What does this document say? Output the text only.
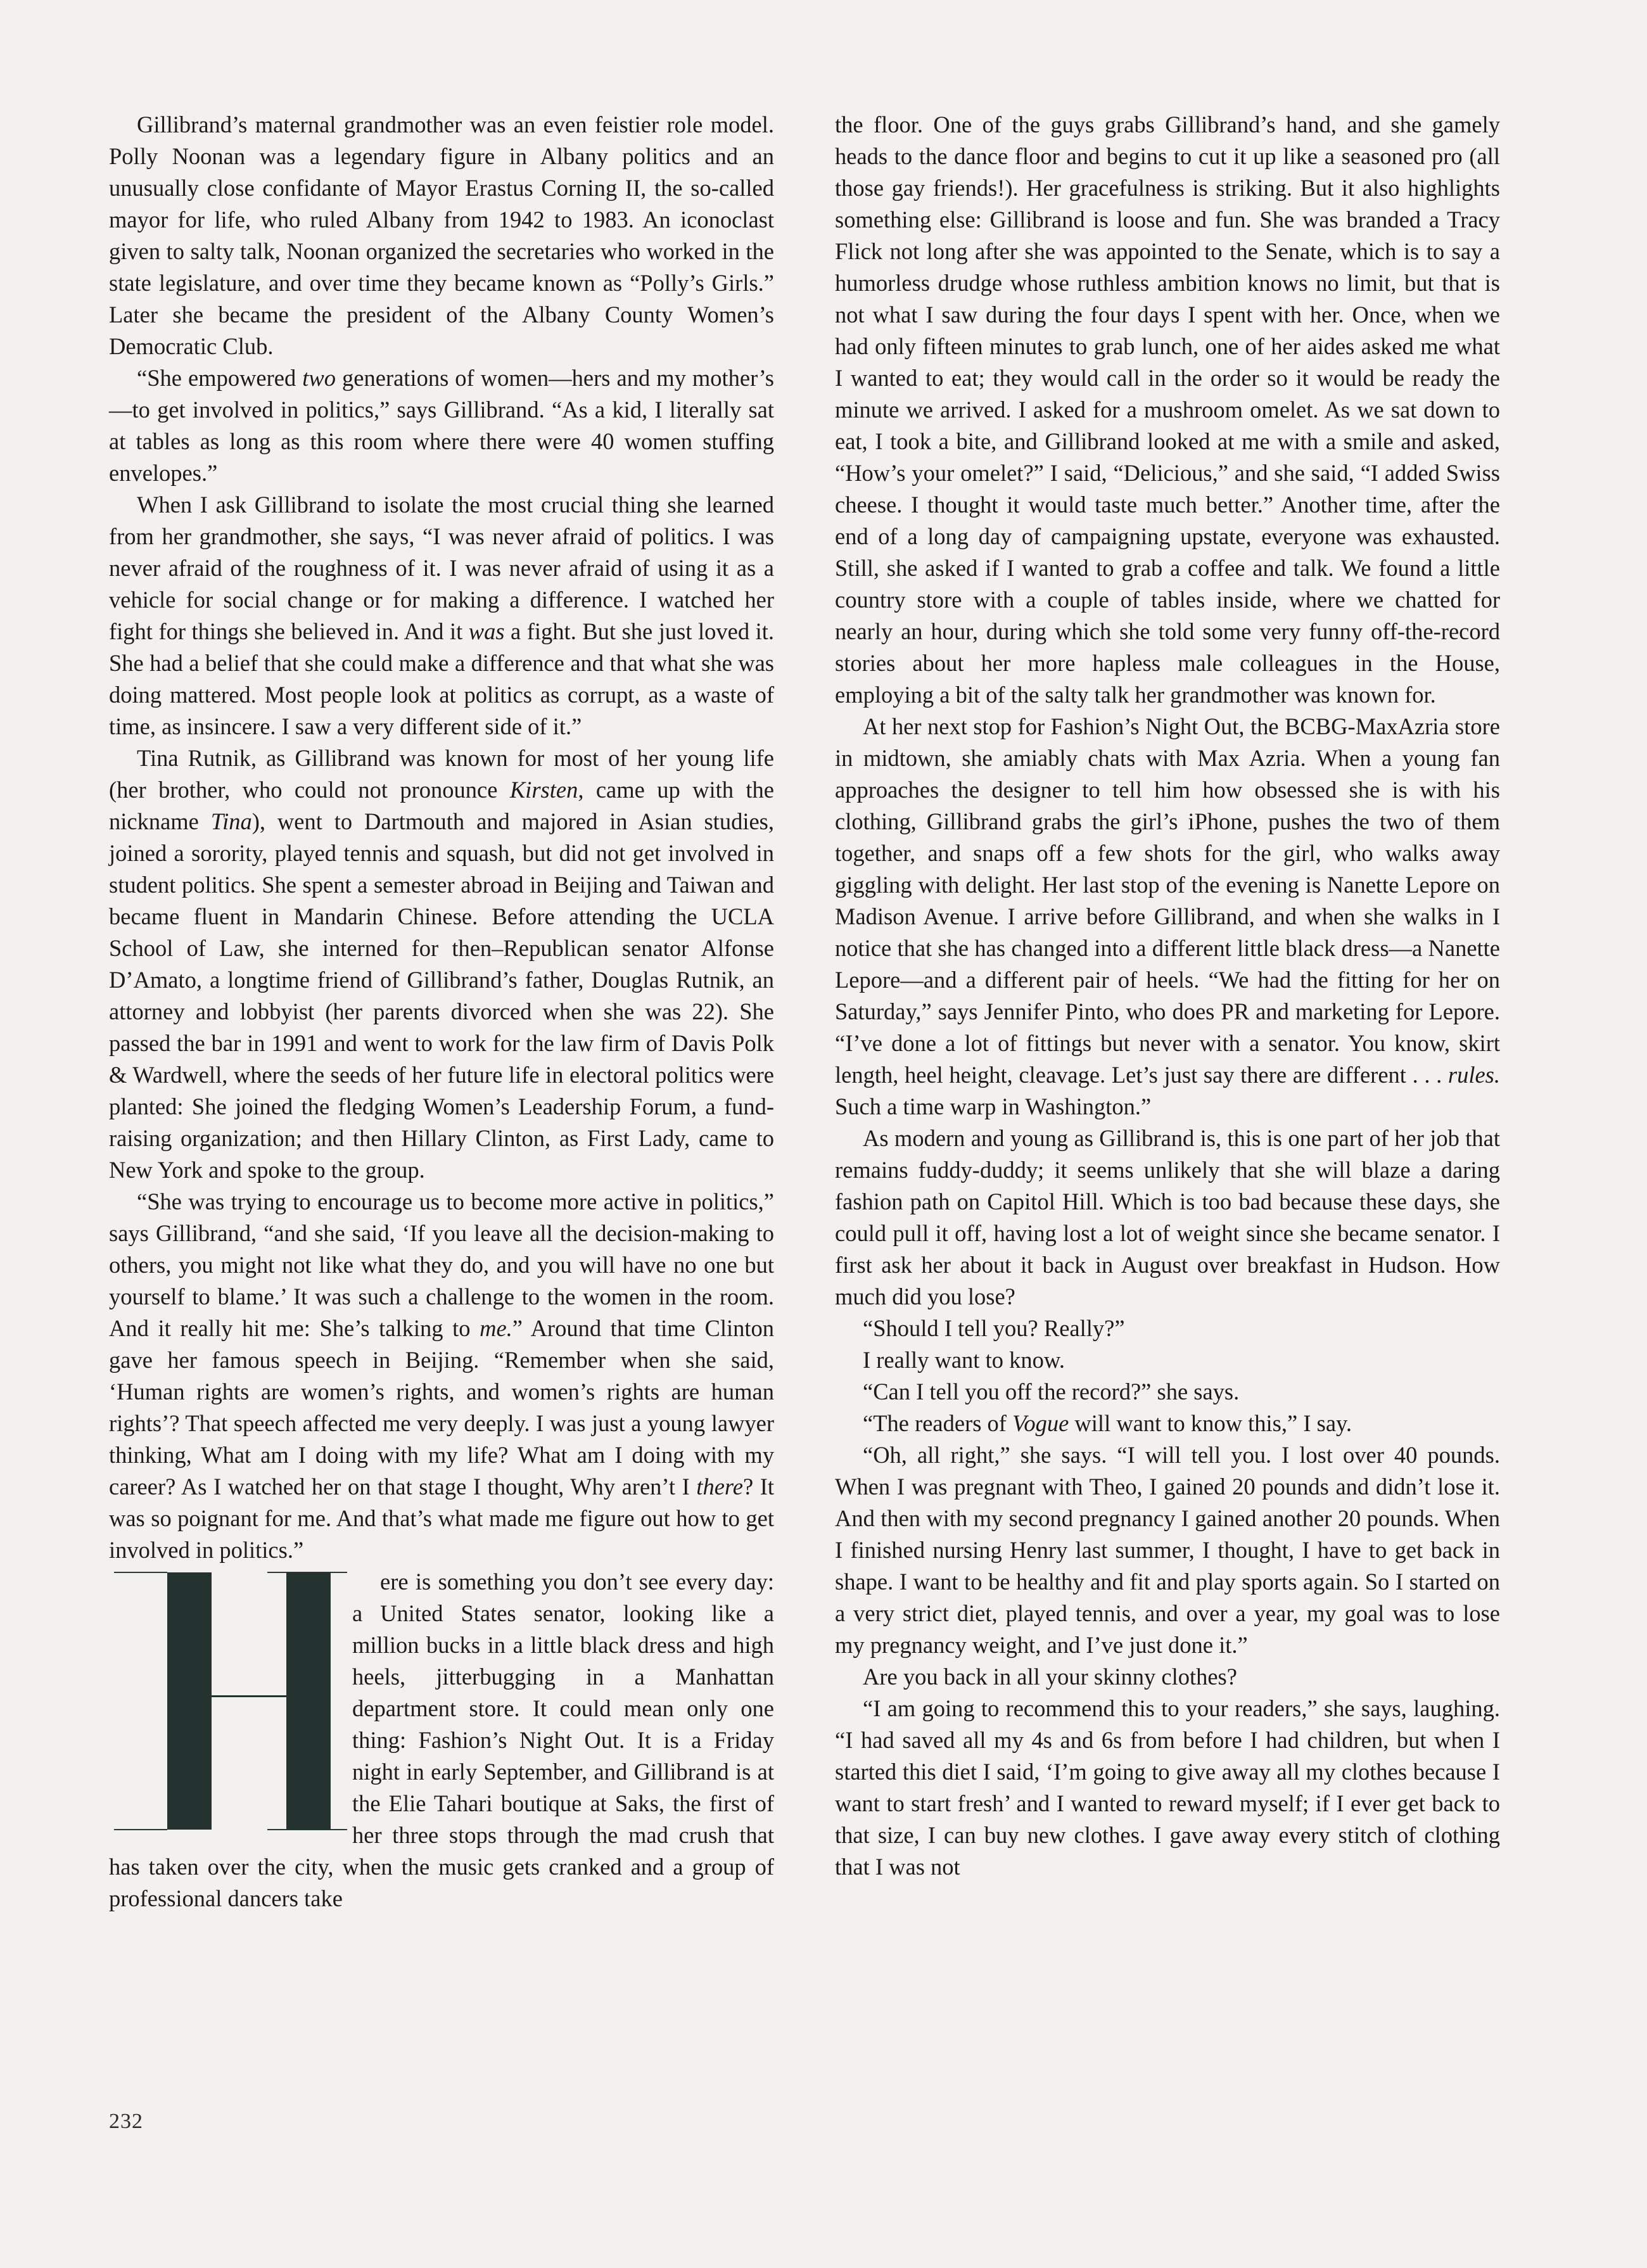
Gillibrand’s maternal grandmother was an even feistier role model. Polly Noonan was a legendary figure in Albany politics and an unusually close confidante of Mayor Erastus Corning II, the so-called mayor for life, who ruled Albany from 1942 to 1983. An iconoclast given to salty talk, Noonan organized the secretaries who worked in the state legislature, and over time they became known as “Polly’s Girls.” Later she became the president of the Albany County Women’s Democratic Club.

“She empowered two generations of women—hers and my mother’s—to get involved in politics,” says Gillibrand. “As a kid, I literally sat at tables as long as this room where there were 40 women stuffing envelopes.”

When I ask Gillibrand to isolate the most crucial thing she learned from her grandmother, she says, “I was never afraid of politics. I was never afraid of the roughness of it. I was never afraid of using it as a vehicle for social change or for making a difference. I watched her fight for things she believed in. And it was a fight. But she just loved it. She had a belief that she could make a difference and that what she was doing mattered. Most people look at politics as corrupt, as a waste of time, as insincere. I saw a very different side of it.”

Tina Rutnik, as Gillibrand was known for most of her young life (her brother, who could not pronounce Kirsten, came up with the nickname Tina), went to Dartmouth and majored in Asian studies, joined a sorority, played tennis and squash, but did not get involved in student politics. She spent a semester abroad in Beijing and Taiwan and became fluent in Mandarin Chinese. Before attending the UCLA School of Law, she interned for then–Republican senator Alfonse D’Amato, a longtime friend of Gillibrand’s father, Douglas Rutnik, an attorney and lobbyist (her parents divorced when she was 22). She passed the bar in 1991 and went to work for the law firm of Davis Polk & Wardwell, where the seeds of her future life in electoral politics were planted: She joined the fledging Women’s Leadership Forum, a fund-raising organization; and then Hillary Clinton, as First Lady, came to New York and spoke to the group.

“She was trying to encourage us to become more active in politics,” says Gillibrand, “and she said, ‘If you leave all the decision-making to others, you might not like what they do, and you will have no one but yourself to blame.’ It was such a challenge to the women in the room. And it really hit me: She’s talking to me.” Around that time Clinton gave her famous speech in Beijing. “Remember when she said, ‘Human rights are women’s rights, and women’s rights are human rights’? That speech affected me very deeply. I was just a young lawyer thinking, What am I doing with my life? What am I doing with my career? As I watched her on that stage I thought, Why aren’t I there? It was so poignant for me. And that’s what made me figure out how to get involved in politics.”

ere is something you don’t see every day: a United States senator, looking like a million bucks in a little black dress and high heels, jitterbugging in a Manhattan department store. It could mean only one thing: Fashion’s Night Out. It is a Friday night in early September, and Gillibrand is at the Elie Tahari boutique at Saks, the first of her three stops through the mad crush that has taken over the city, when the music gets cranked and a group of professional dancers take

the floor. One of the guys grabs Gillibrand’s hand, and she gamely heads to the dance floor and begins to cut it up like a seasoned pro (all those gay friends!). Her gracefulness is striking. But it also highlights something else: Gillibrand is loose and fun. She was branded a Tracy Flick not long after she was appointed to the Senate, which is to say a humorless drudge whose ruthless ambition knows no limit, but that is not what I saw during the four days I spent with her. Once, when we had only fifteen minutes to grab lunch, one of her aides asked me what I wanted to eat; they would call in the order so it would be ready the minute we arrived. I asked for a mushroom omelet. As we sat down to eat, I took a bite, and Gillibrand looked at me with a smile and asked, “How’s your omelet?” I said, “Delicious,” and she said, “I added Swiss cheese. I thought it would taste much better.” Another time, after the end of a long day of campaigning upstate, everyone was exhausted. Still, she asked if I wanted to grab a coffee and talk. We found a little country store with a couple of tables inside, where we chatted for nearly an hour, during which she told some very funny off-the-record stories about her more hapless male colleagues in the House, employing a bit of the salty talk her grandmother was known for.

At her next stop for Fashion’s Night Out, the BCBG-MaxAzria store in midtown, she amiably chats with Max Azria. When a young fan approaches the designer to tell him how obsessed she is with his clothing, Gillibrand grabs the girl’s iPhone, pushes the two of them together, and snaps off a few shots for the girl, who walks away giggling with delight. Her last stop of the evening is Nanette Lepore on Madison Avenue. I arrive before Gillibrand, and when she walks in I notice that she has changed into a different little black dress—a Nanette Lepore—and a different pair of heels. “We had the fitting for her on Saturday,” says Jennifer Pinto, who does PR and marketing for Lepore. “I’ve done a lot of fittings but never with a senator. You know, skirt length, heel height, cleavage. Let’s just say there are different . . . rules. Such a time warp in Washington.”

As modern and young as Gillibrand is, this is one part of her job that remains fuddy-duddy; it seems unlikely that she will blaze a daring fashion path on Capitol Hill. Which is too bad because these days, she could pull it off, having lost a lot of weight since she became senator. I first ask her about it back in August over breakfast in Hudson. How much did you lose?

“Should I tell you? Really?”

I really want to know.

“Can I tell you off the record?” she says.

“The readers of Vogue will want to know this,” I say.

“Oh, all right,” she says. “I will tell you. I lost over 40 pounds. When I was pregnant with Theo, I gained 20 pounds and didn’t lose it. And then with my second pregnancy I gained another 20 pounds. When I finished nursing Henry last summer, I thought, I have to get back in shape. I want to be healthy and fit and play sports again. So I started on a very strict diet, played tennis, and over a year, my goal was to lose my pregnancy weight, and I’ve just done it.”

Are you back in all your skinny clothes?

“I am going to recommend this to your readers,” she says, laughing. “I had saved all my 4s and 6s from before I had children, but when I started this diet I said, ‘I’m going to give away all my clothes because I want to start fresh’ and I wanted to reward myself; if I ever get back to that size, I can buy new clothes. I gave away every stitch of clothing that I was not

232
